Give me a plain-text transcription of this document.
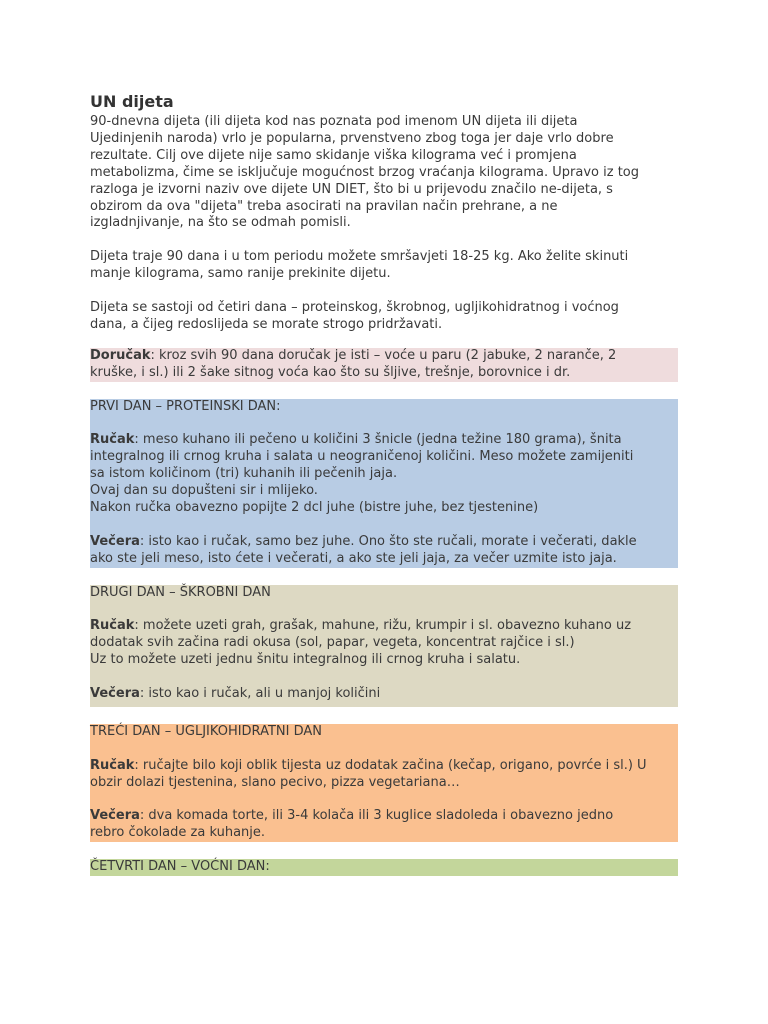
UN dijeta

90-dnevna dijeta (ili dijeta kod nas poznata pod imenom UN dijeta ili dijeta
Ujedinjenih naroda) vrlo je popularna, prvenstveno zbog toga jer daje vrlo dobre
rezultate. Cilj ove dijete nije samo skidanje viška kilograma već i promjena
metabolizma, čime se isključuje mogućnost brzog vraćanja kilograma. Upravo iz tog
razloga je izvorni naziv ove dijete UN DIET, što bi u prijevodu značilo ne-dijeta, s
obzirom da ova "dijeta" treba asocirati na pravilan način prehrane, a ne
izgladnjivanje, na što se odmah pomisli.

Dijeta traje 90 dana i u tom periodu možete smršavjeti 18-25 kg. Ako želite skinuti
manje kilograma, samo ranije prekinite dijetu.

Dijeta se sastoji od četiri dana – proteinskog, škrobnog, ugljikohidratnog i voćnog
dana, a čijeg redoslijeda se morate strogo pridržavati.

Doručak: kroz svih 90 dana doručak je isti – voće u paru (2 jabuke, 2 naranče, 2
kruške, i sl.) ili 2 šake sitnog voća kao što su šljive, trešnje, borovnice i dr.

PRVI DAN – PROTEINSKI DAN:

Ručak: meso kuhano ili pečeno u količini 3 šnicle (jedna težine 180 grama), šnita
integralnog ili crnog kruha i salata u neograničenoj količini. Meso možete zamijeniti
sa istom količinom (tri) kuhanih ili pečenih jaja.
Ovaj dan su dopušteni sir i mlijeko.
Nakon ručka obavezno popijte 2 dcl juhe (bistre juhe, bez tjestenine)

Večera: isto kao i ručak, samo bez juhe. Ono što ste ručali, morate i večerati, dakle
ako ste jeli meso, isto ćete i večerati, a ako ste jeli jaja, za večer uzmite isto jaja.

DRUGI DAN – ŠKROBNI DAN

Ručak: možete uzeti grah, grašak, mahune, rižu, krumpir i sl. obavezno kuhano uz
dodatak svih začina radi okusa (sol, papar, vegeta, koncentrat rajčice i sl.)
Uz to možete uzeti jednu šnitu integralnog ili crnog kruha i salatu.

Večera: isto kao i ručak, ali u manjoj količini

TREĆI DAN – UGLJIKOHIDRATNI DAN

Ručak: ručajte bilo koji oblik tijesta uz dodatak začina (kečap, origano, povrće i sl.) U
obzir dolazi tjestenina, slano pecivo, pizza vegetariana…

Večera: dva komada torte, ili 3-4 kolača ili 3 kuglice sladoleda i obavezno jedno
rebro čokolade za kuhanje.

ČETVRTI DAN – VOĆNI DAN:
